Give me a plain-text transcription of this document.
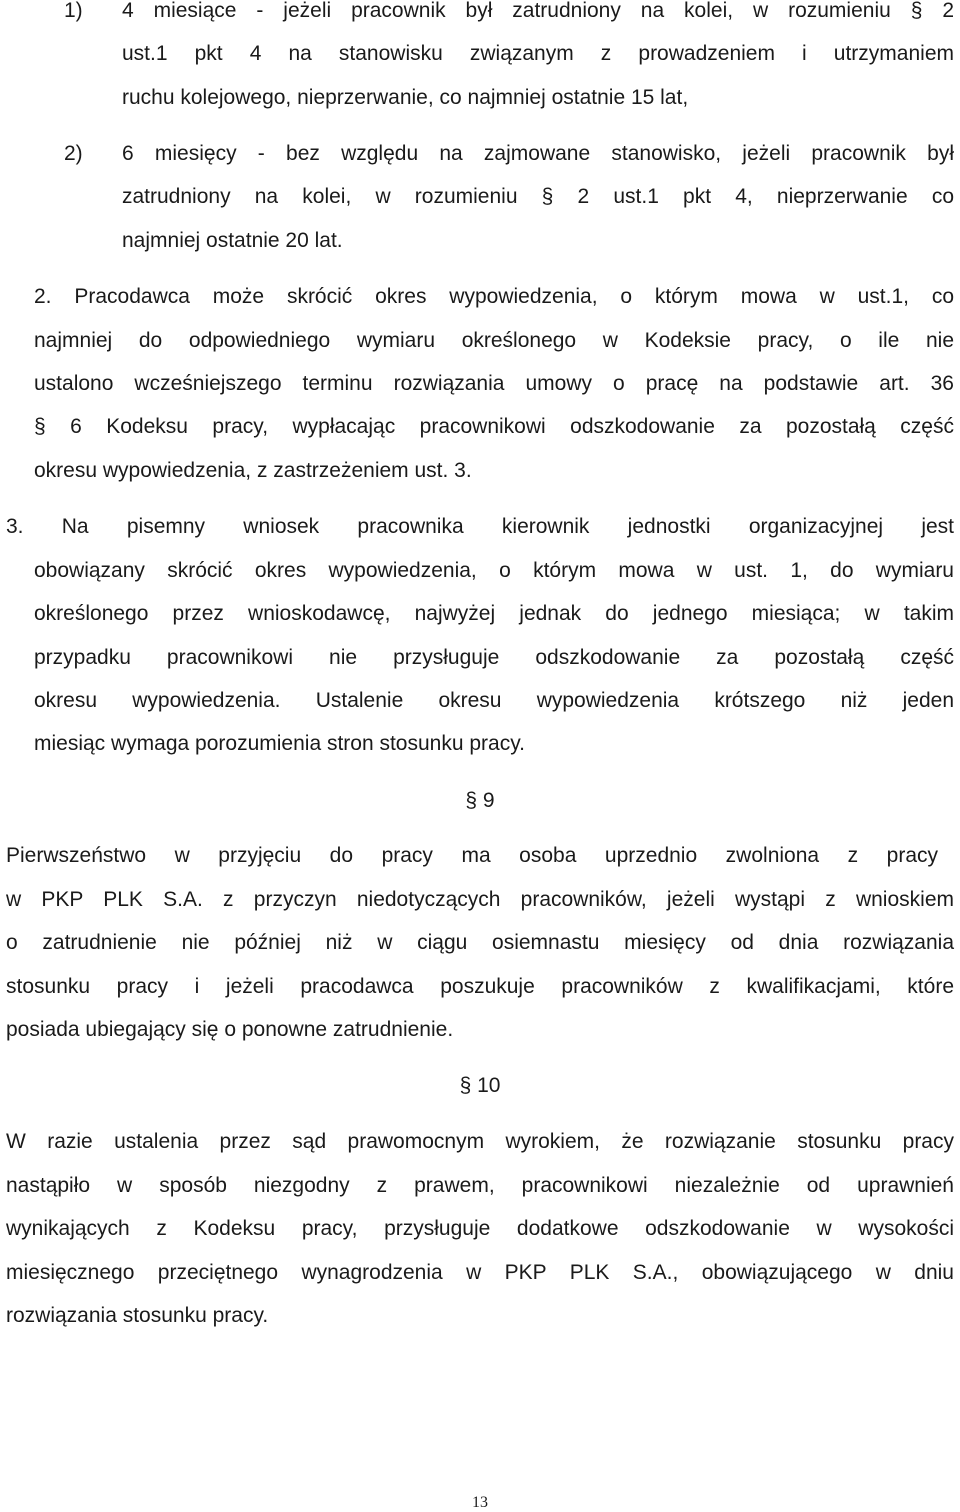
1) 4 miesiące - jeżeli pracownik był zatrudniony na kolei, w rozumieniu § 2
ust.1 pkt 4 na stanowisku związanym z prowadzeniem i utrzymaniem
ruchu kolejowego, nieprzerwanie, co najmniej ostatnie 15 lat,
2) 6 miesięcy - bez względu na zajmowane stanowisko, jeżeli pracownik był
zatrudniony na kolei, w rozumieniu § 2 ust.1 pkt 4, nieprzerwanie co
najmniej ostatnie 20 lat.
2. Pracodawca może skrócić okres wypowiedzenia, o którym mowa w ust.1, co
najmniej do odpowiedniego wymiaru określonego w Kodeksie pracy, o ile nie
ustalono wcześniejszego terminu rozwiązania umowy o pracę na podstawie art. 36
§ 6 Kodeksu pracy, wypłacając pracownikowi odszkodowanie za pozostałą część
okresu wypowiedzenia, z zastrzeżeniem ust. 3.
3. Na pisemny wniosek pracownika kierownik jednostki organizacyjnej jest
obowiązany skrócić okres wypowiedzenia, o którym mowa w ust. 1, do wymiaru
określonego przez wnioskodawcę, najwyżej jednak do jednego miesiąca; w takim
przypadku pracownikowi nie przysługuje odszkodowanie za pozostałą część
okresu wypowiedzenia. Ustalenie okresu wypowiedzenia krótszego niż jeden
miesiąc wymaga porozumienia stron stosunku pracy.
§ 9
Pierwszeństwo w przyjęciu do pracy ma osoba uprzednio zwolniona z pracy
w PKP PLK S.A. z przyczyn niedotyczących pracowników, jeżeli wystąpi z wnioskiem
o zatrudnienie nie później niż w ciągu osiemnastu miesięcy od dnia rozwiązania
stosunku pracy i jeżeli pracodawca poszukuje pracowników z kwalifikacjami, które
posiada ubiegający się o ponowne zatrudnienie.
§ 10
W razie ustalenia przez sąd prawomocnym wyrokiem, że rozwiązanie stosunku pracy
nastąpiło w sposób niezgodny z prawem, pracownikowi niezależnie od uprawnień
wynikających z Kodeksu pracy, przysługuje dodatkowe odszkodowanie w wysokości
miesięcznego przeciętnego wynagrodzenia w PKP PLK S.A., obowiązującego w dniu
rozwiązania stosunku pracy.
13
